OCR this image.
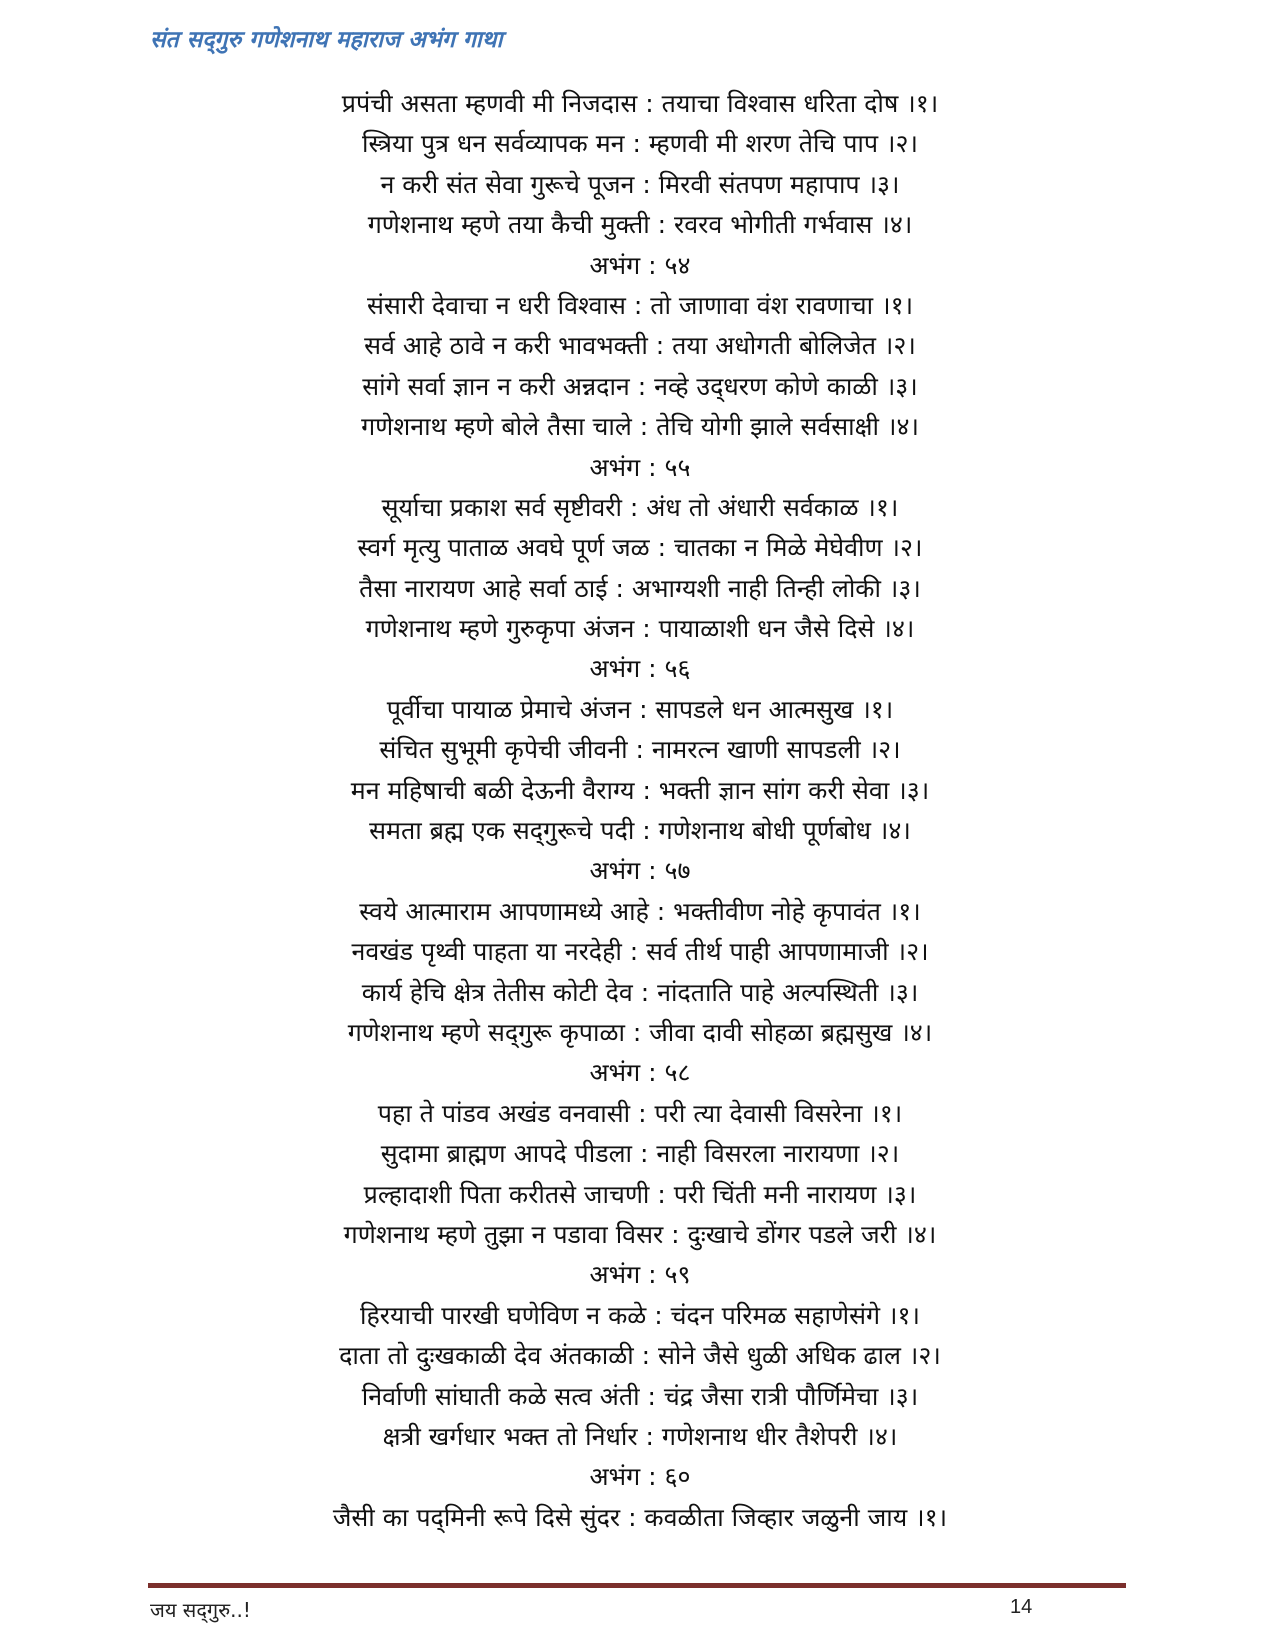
संत सद्‌गुरु गणेशनाथ महाराज अभंग गाथा
प्रपंची असता म्हणवी मी निजदास : तयाचा विश्वास धरिता दोष ।१।
स्त्रिया पुत्र धन सर्वव्यापक मन : म्हणवी मी शरण तेचि पाप ।२।
न करी संत सेवा गुरूचे पूजन : मिरवी संतपण महापाप ।३।
गणेशनाथ म्हणे तया कैची मुक्ती : रवरव भोगीती गर्भवास ।४।
अभंग : ५४
संसारी देवाचा न धरी विश्वास : तो जाणावा वंश रावणाचा ।१।
सर्व आहे ठावे न करी भावभक्ती : तया अधोगती बोलिजेत ।२।
सांगे सर्वा ज्ञान न करी अन्नदान : नव्हे उद्‌धरण कोणे काळी ।३।
गणेशनाथ म्हणे बोले तैसा चाले : तेचि योगी झाले सर्वसाक्षी ।४।
अभंग : ५५
सूर्याचा प्रकाश सर्व सृष्टीवरी : अंध तो अंधारी सर्वकाळ ।१।
स्वर्ग मृत्यु पाताळ अवघे पूर्ण जळ : चातका न मिळे मेघेवीण ।२।
तैसा नारायण आहे सर्वा ठाई : अभाग्यशी नाही तिन्ही लोकी ।३।
गणेशनाथ म्हणे गुरुकृपा अंजन : पायाळाशी धन जैसे दिसे ।४।
अभंग : ५६
पूर्वीचा पायाळ प्रेमाचे अंजन : सापडले धन आत्मसुख ।१।
संचित सुभूमी कृपेची जीवनी : नामरत्न खाणी सापडली ।२।
मन महिषाची बळी देऊनी वैराग्य : भक्ती ज्ञान सांग करी सेवा ।३।
समता ब्रह्म एक सद्‌गुरूचे पदी : गणेशनाथ बोधी पूर्णबोध ।४।
अभंग : ५७
स्वये आत्माराम आपणामध्ये आहे : भक्तीवीण नोहे कृपावंत ।१।
नवखंड पृथ्वी पाहता या नरदेही : सर्व तीर्थ पाही आपणामाजी ।२।
कार्य हेचि क्षेत्र तेतीस कोटी देव : नांदताति पाहे अल्पस्थिती ।३।
गणेशनाथ म्हणे सद्‌गुरू कृपाळा : जीवा दावी सोहळा ब्रह्मसुख ।४।
अभंग : ५८
पहा ते पांडव अखंड वनवासी : परी त्या देवासी विसरेना ।१।
सुदामा ब्राह्मण आपदे पीडला : नाही विसरला नारायणा ।२।
प्रल्हादाशी पिता करीतसे जाचणी : परी चिंती मनी नारायण ।३।
गणेशनाथ म्हणे तुझा न पडावा विसर : दुःखाचे डोंगर पडले जरी ।४।
अभंग : ५९
हिरयाची पारखी घणेविण न कळे : चंदन परिमळ सहाणेसंगे ।१।
दाता तो दुःखकाळी देव अंतकाळी : सोने जैसे धुळी अधिक ढाल ।२।
निर्वाणी सांघाती कळे सत्व अंती : चंद्र जैसा रात्री पौर्णिमेचा ।३।
क्षत्री खर्गधार भक्त तो निर्धार : गणेशनाथ धीर तैशेपरी ।४।
अभंग : ६०
जैसी का पद्‌मिनी रूपे दिसे सुंदर : कवळीता जिव्हार जळुनी जाय ।१।
जय सद्‌गुरु..!	14
